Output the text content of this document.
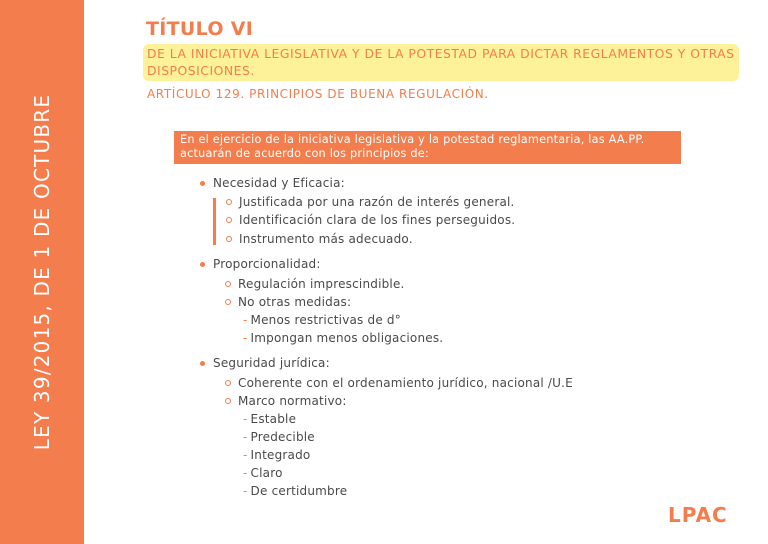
LEY 39/2015, DE 1 DE OCTUBRE
TÍTULO VI
DE LA INICIATIVA LEGISLATIVA Y DE LA POTESTAD PARA DICTAR REGLAMENTOS Y OTRAS DISPOSICIONES.
ARTÍCULO 129. PRINCIPIOS DE BUENA REGULACIÓN.
En el ejercicio de la iniciativa legislativa y la potestad reglamentaria, las AA.PP. actuarán de acuerdo con los principios de:
Necesidad y Eficacia:
Justificada por una razón de interés general.
Identificación clara de los fines perseguidos.
Instrumento más adecuado.
Proporcionalidad:
Regulación imprescindible.
No otras medidas:
- Menos restrictivas de d°
- Impongan menos obligaciones.
Seguridad jurídica:
Coherente con el ordenamiento jurídico, nacional /U.E
Marco normativo:
- Estable
- Predecible
- Integrado
- Claro
- De certidumbre
LPAC
